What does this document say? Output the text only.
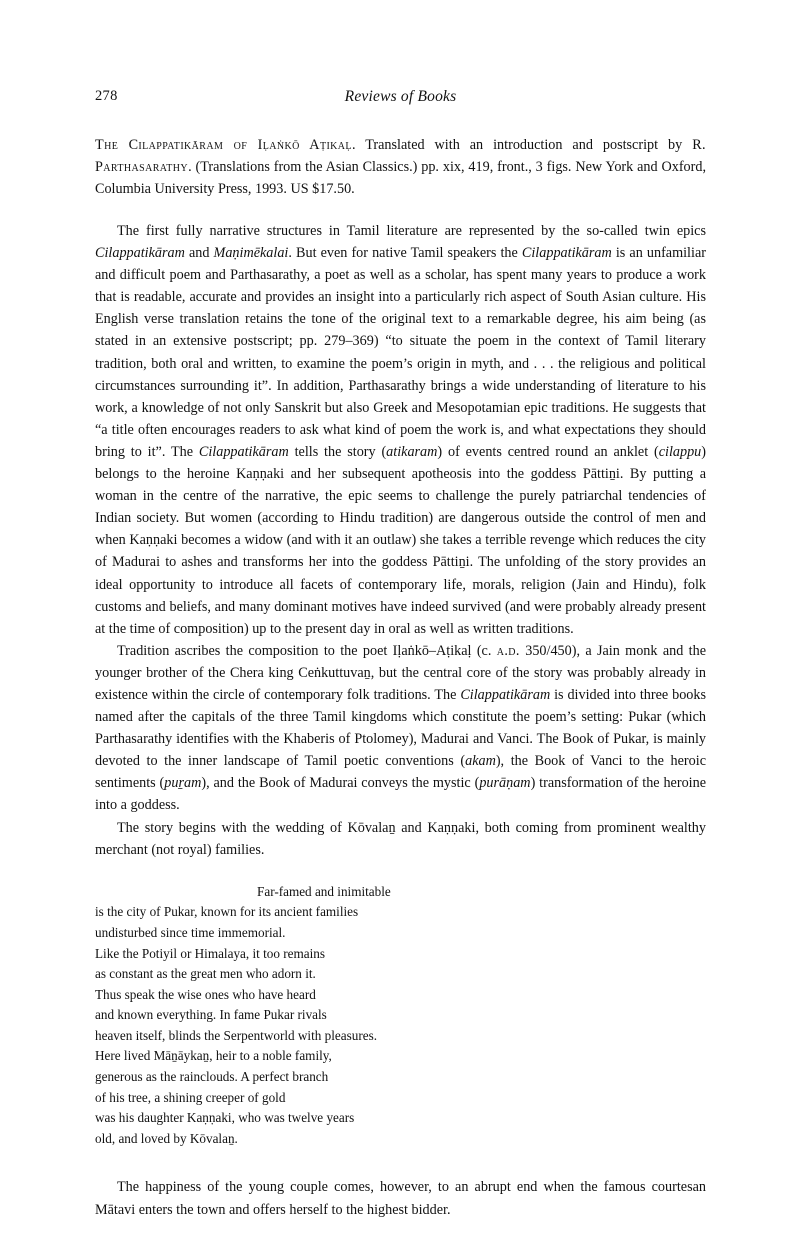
278	Reviews of Books
The Cilappatikāram of Iḷaṅkō Aṭikaḷ. Translated with an introduction and postscript by R. Parthasarathy. (Translations from the Asian Classics.) pp. xix, 419, front., 3 figs. New York and Oxford, Columbia University Press, 1993. US $17.50.

The first fully narrative structures in Tamil literature are represented by the so-called twin epics Cilappatikāram and Maṇimēkalai. But even for native Tamil speakers the Cilappatikāram is an unfamiliar and difficult poem and Parthasarathy, a poet as well as a scholar, has spent many years to produce a work that is readable, accurate and provides an insight into a particularly rich aspect of South Asian culture. His English verse translation retains the tone of the original text to a remarkable degree, his aim being (as stated in an extensive postscript; pp. 279–369) “to situate the poem in the context of Tamil literary tradition, both oral and written, to examine the poem’s origin in myth, and . . . the religious and political circumstances surrounding it”. In addition, Parthasarathy brings a wide understanding of literature to his work, a knowledge of not only Sanskrit but also Greek and Mesopotamian epic traditions. He suggests that “a title often encourages readers to ask what kind of poem the work is, and what expectations they should bring to it”. The Cilappatikāram tells the story (atikaram) of events centred round an anklet (cilappu) belongs to the heroine Kaṇṇaki and her subsequent apotheosis into the goddess Pāttiṉi. By putting a woman in the centre of the narrative, the epic seems to challenge the purely patriarchal tendencies of Indian society. But women (according to Hindu tradition) are dangerous outside the control of men and when Kaṇṇaki becomes a widow (and with it an outlaw) she takes a terrible revenge which reduces the city of Madurai to ashes and transforms her into the goddess Pāttiṉi. The unfolding of the story provides an ideal opportunity to introduce all facets of contemporary life, morals, religion (Jain and Hindu), folk customs and beliefs, and many dominant motives have indeed survived (and were probably already present at the time of composition) up to the present day in oral as well as written traditions.

Tradition ascribes the composition to the poet Iḷaṅkō–Aṭikaḷ (c. a.d. 350/450), a Jain monk and the younger brother of the Chera king Ceṅkuttuvaṉ, but the central core of the story was probably already in existence within the circle of contemporary folk traditions. The Cilappatikāram is divided into three books named after the capitals of the three Tamil kingdoms which constitute the poem’s setting: Pukar (which Parthasarathy identifies with the Khaberis of Ptolomey), Madurai and Vanci. The Book of Pukar, is mainly devoted to the inner landscape of Tamil poetic conventions (akam), the Book of Vanci to the heroic sentiments (puṟam), and the Book of Madurai conveys the mystic (purāṇam) transformation of the heroine into a goddess.

The story begins with the wedding of Kōvalaṉ and Kaṇṇaki, both coming from prominent wealthy merchant (not royal) families.

Far-famed and inimitable
is the city of Pukar, known for its ancient families
undisturbed since time immemorial.
Like the Potiyil or Himalaya, it too remains
as constant as the great men who adorn it.
Thus speak the wise ones who have heard
and known everything. In fame Pukar rivals
heaven itself, blinds the Serpentworld with pleasures.
Here lived Māṉāykaṉ, heir to a noble family,
generous as the rainclouds. A perfect branch
of his tree, a shining creeper of gold
was his daughter Kaṇṇaki, who was twelve years
old, and loved by Kōvalaṉ.

The happiness of the young couple comes, however, to an abrupt end when the famous courtesan Mātavi enters the town and offers herself to the highest bidder.
